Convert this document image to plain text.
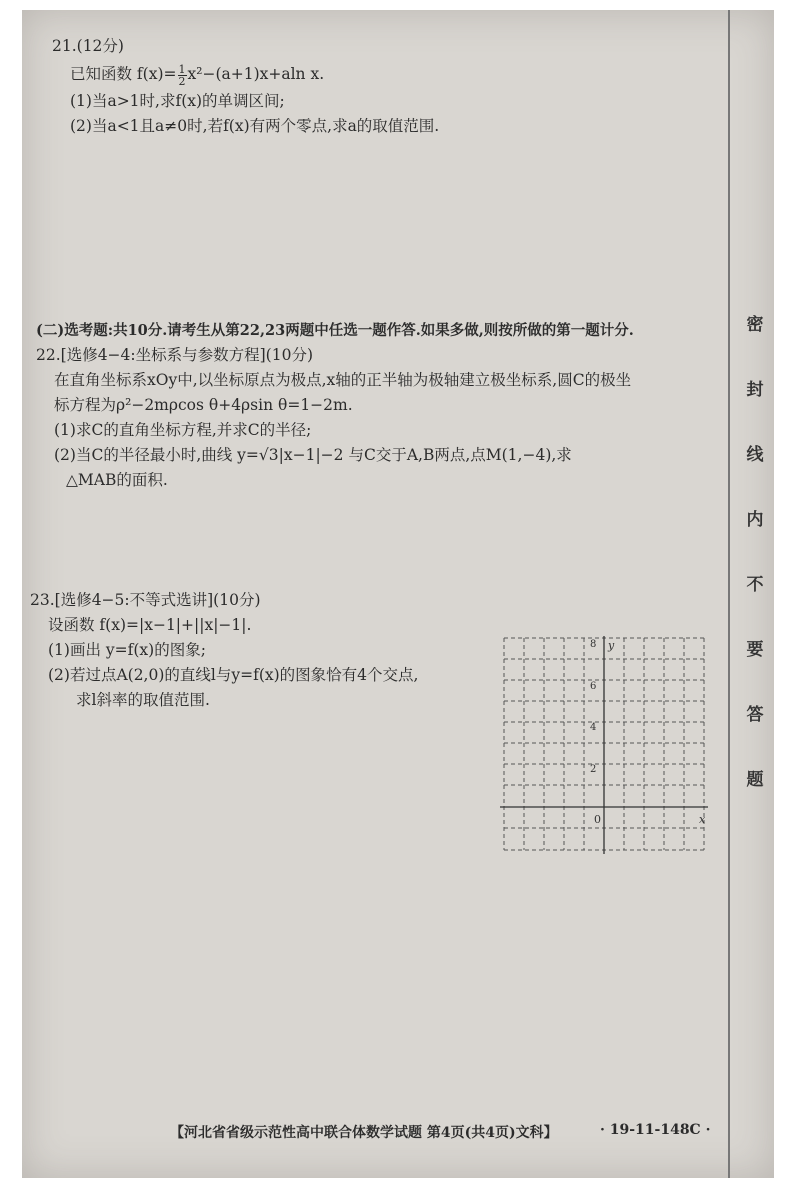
密
封
线
内
不
要
答
题
21.(12分)
已知函数 $f(x)= \frac{1}{2} x^2-(a+1)x+aln$ x.
(1)当a>1时,求f(x)的单调区间;
(2)当a<1且a≠0时,若f(x)有两个零点,求a的取值范围.
(二)选考题:共10分.请考生从第22,23两题中任选一题作答.如果多做,则按所做的第一题计分.
22.[选修4−4:坐标系与参数方程](10分)
在直角坐标系xOy中,以坐标原点为极点,x轴的正半轴为极轴建立极坐标系,圆C的极坐
标方程为ρ²−2mρcos θ+4ρsin θ=1−2m.
(1)求C的直角坐标方程,并求C的半径;
(2)当C的半径最小时,曲线 y=√3|x−1|−2 与C交于A,B两点,点M(1,−4),求
△MAB的面积.
23.[选修4−5:不等式选讲](10分)
设函数 f(x)=|x−1|+||x|−1|.
(1)画出 y=f(x)的图象;
(2)若过点A(2,0)的直线l与y=f(x)的图象恰有4个交点,
求l斜率的取值范围.
y
x
0
8
6
4
2
【河北省省级示范性高中联合体数学试题 第4页(共4页)文科】	· 19-11-148C ·
